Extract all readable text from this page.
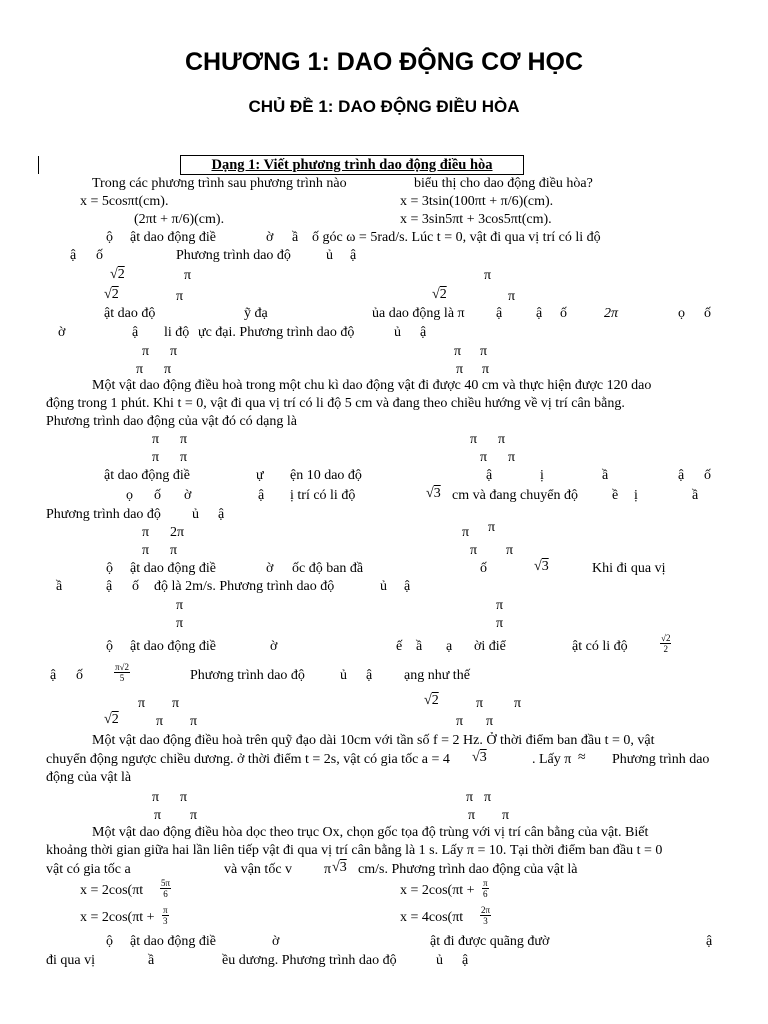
CHƯƠNG 1: DAO ĐỘNG CƠ HỌC
CHỦ ĐỀ 1: DAO ĐỘNG ĐIỀU HÒA
Dạng 1: Viết phương trình dao động điều hòa
Trong các phương trình sau phương trình nào	biểu thị cho dao động điều hòa?
x = 5cosπt(cm).	x = 3tsin(100πt + π/6)(cm).
(2πt + π/6)(cm).	x = 3sin5πt + 3cos5πt(cm).
ộ ật dao động điề	ờ ầ ố góc ω = 5rad/s. Lúc t = 0, vật đi qua vị trí có li độ
ậ ố	Phương trình dao độ	ủ ậ
√2	π	π
√2	π	√2	π
ật dao độ	ỹ đạ	ủa dao động là π ậ ậ ố	2π	ọ ố
ờ	ậ li độ ực đại. Phương trình dao độ	ủ ậ
π π	π π
π π	π π
Một vật dao động điều hoà trong một chu kì dao động vật đi được 40 cm và thực hiện được 120 dao
động trong 1 phút. Khi t = 0, vật đi qua vị trí có li độ 5 cm và đang theo chiều hướng về vị trí cân bằng.
Phương trình dao động của vật đó có dạng là
π π	π π
π π	π π
ật dao động điề	ự ện 10 dao độ	ậ	ị	ầ	ậ ố
ọ ố ờ	ậ ị trí có li độ	√3 cm và đang chuyển độ ề ị	ầ
Phương trình dao độ ủ ậ
π 2π	π π
π π	π π
ộ ật dao động điề	ờ ốc độ ban đầ	ố	√3	Khi đi qua vị
ầ	ậ ố độ là 2m/s. Phương trình dao độ	ủ ậ
π	π
π	π
ộ ật dao động điề	ờ	ế ầ ạ ời điể	ật có li độ	$\frac{√2}{2}$
ậ ố	$\frac{\pi√2}{5}$	Phương trình dao độ	ủ ậ ạng như thế
π π	√2	π π
√2	π π	π π
Một vật dao động điều hoà trên quỹ đạo dài 10cm với tần số f = 2 Hz. Ở thời điểm ban đầu t = 0, vật
chuyển động ngược chiều dương. ở thời điểm t = 2s, vật có gia tốc a = 4 √3	. Lấy π ≈ Phương trình dao
động của vật là
π π	π π
π π	π π
Một vật dao động điều hòa dọc theo trục Ox, chọn gốc tọa độ trùng với vị trí cân bằng của vật. Biết
khoảng thời gian giữa hai lần liên tiếp vật đi qua vị trí cân bằng là 1 s. Lấy π = 10. Tại thời điểm ban đầu t = 0
vật có gia tốc a	và vận tốc v π √3 cm/s. Phương trình dao động của vật là
$x = 2\cos(\pi t \frac{5\pi}{6}$	$x = 2\cos(\pi t + \frac{\pi}{6}$
$x = 2\cos(\pi t + \frac{\pi}{3}$	$x = 4\cos(\pi t \frac{2\pi}{3}$
ộ ật dao động điề	ờ	ật đi được quãng đườ	ậ
đi qua vị	ầ	ều dương. Phương trình dao độ	ủ ậ
